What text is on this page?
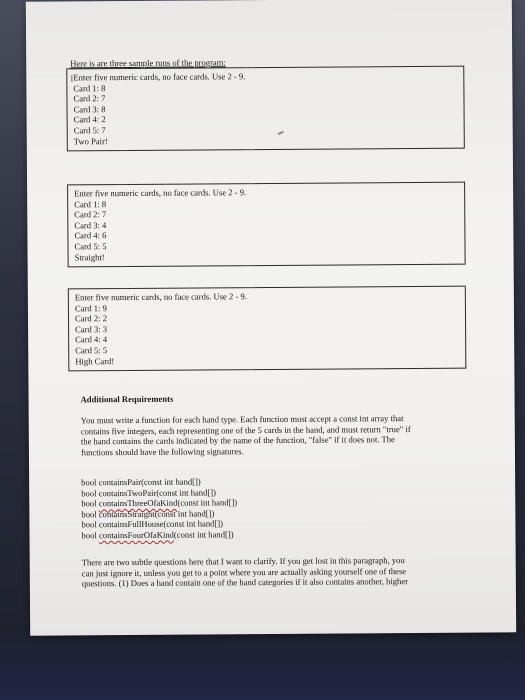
Here is are three sample runs of the program:
I Enter five numeric cards, no face cards. Use 2 - 9.
Card 1: 8
Card 2: 7
Card 3: 8
Card 4: 2
Card 5: 7
Two Pair!
Enter five numeric cards, no face cards. Use 2 - 9.
Card 1: 8
Card 2: 7
Card 3: 4
Card 4: 6
Card 5: 5
Straight!
Enter five numeric cards, no face cards. Use 2 - 9.
Card 1: 9
Card 2: 2
Card 3: 3
Card 4: 4
Card 5: 5
High Card!
Additional Requirements
You must write a function for each hand type. Each function must accept a const int array that
contains five integers, each representing one of the 5 cards in the hand, and must return "true" if
the hand contains the cards indicated by the name of the function, "false" if it does not. The
functions should have the following signatures.
bool containsPair(const int hand[])
bool containsTwoPair(const int hand[])
bool containsThreeOfaKind(const int hand[])
bool containsStraight(const int hand[])
bool containsFullHouse(const int hand[])
bool containsFourOfaKind(const int hand[])
There are two subtle questions here that I want to clarify. If you get lost in this paragraph, you
can just ignore it, unless you get to a point where you are actually asking yourself one of these
questions. (1) Does a hand contain one of the hand categories if it also contains another, higher
